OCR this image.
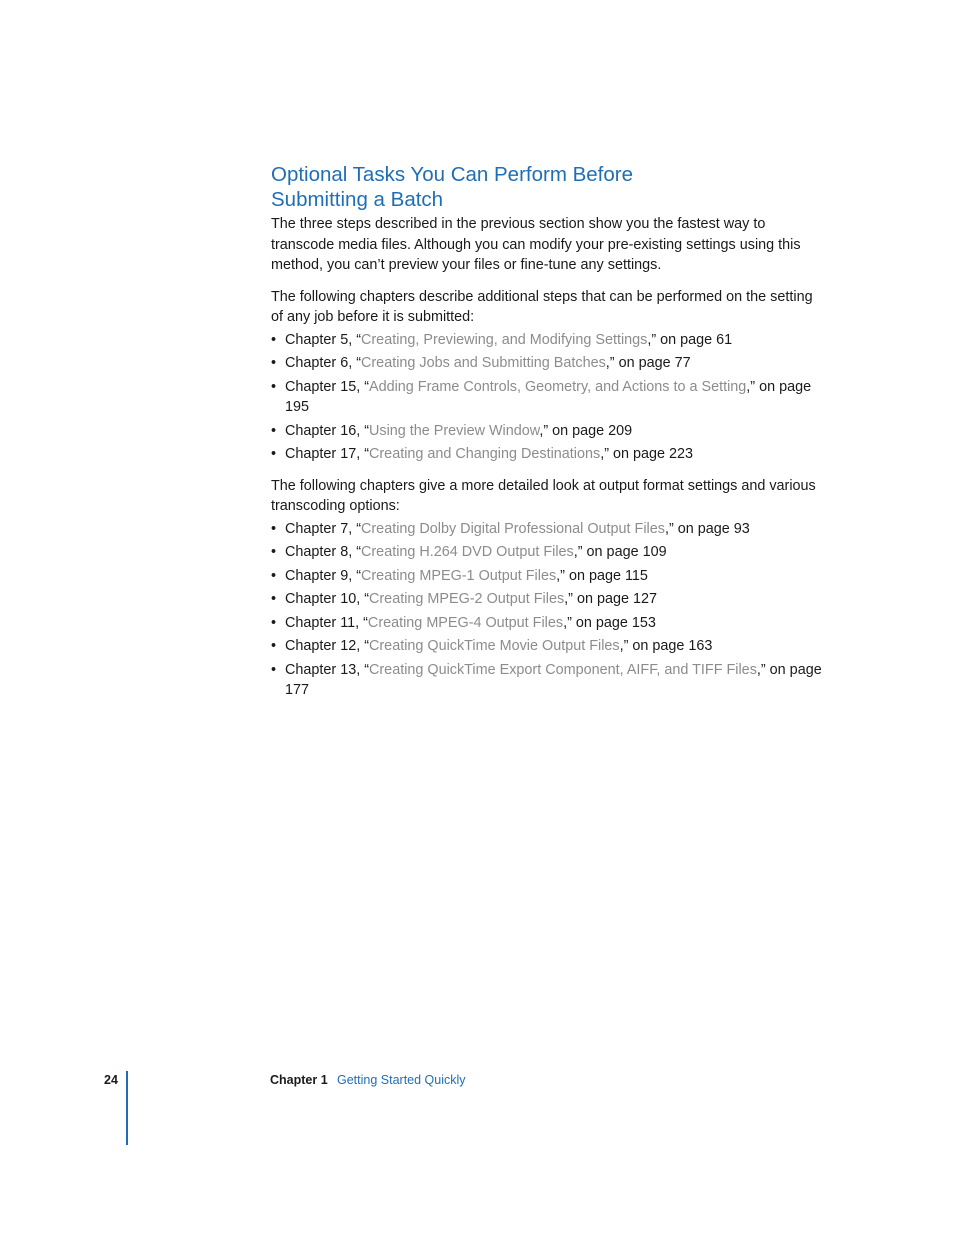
Optional Tasks You Can Perform Before
Submitting a Batch

The three steps described in the previous section show you the fastest way to transcode media files. Although you can modify your pre-existing settings using this method, you can’t preview your files or fine-tune any settings.

The following chapters describe additional steps that can be performed on the setting of any job before it is submitted:

• Chapter 5, “Creating, Previewing, and Modifying Settings,” on page 61
• Chapter 6, “Creating Jobs and Submitting Batches,” on page 77
• Chapter 15, “Adding Frame Controls, Geometry, and Actions to a Setting,” on page 195
• Chapter 16, “Using the Preview Window,” on page 209
• Chapter 17, “Creating and Changing Destinations,” on page 223

The following chapters give a more detailed look at output format settings and various transcoding options:

• Chapter 7, “Creating Dolby Digital Professional Output Files,” on page 93
• Chapter 8, “Creating H.264 DVD Output Files,” on page 109
• Chapter 9, “Creating MPEG-1 Output Files,” on page 115
• Chapter 10, “Creating MPEG-2 Output Files,” on page 127
• Chapter 11, “Creating MPEG-4 Output Files,” on page 153
• Chapter 12, “Creating QuickTime Movie Output Files,” on page 163
• Chapter 13, “Creating QuickTime Export Component, AIFF, and TIFF Files,” on page 177
24	Chapter 1 Getting Started Quickly
